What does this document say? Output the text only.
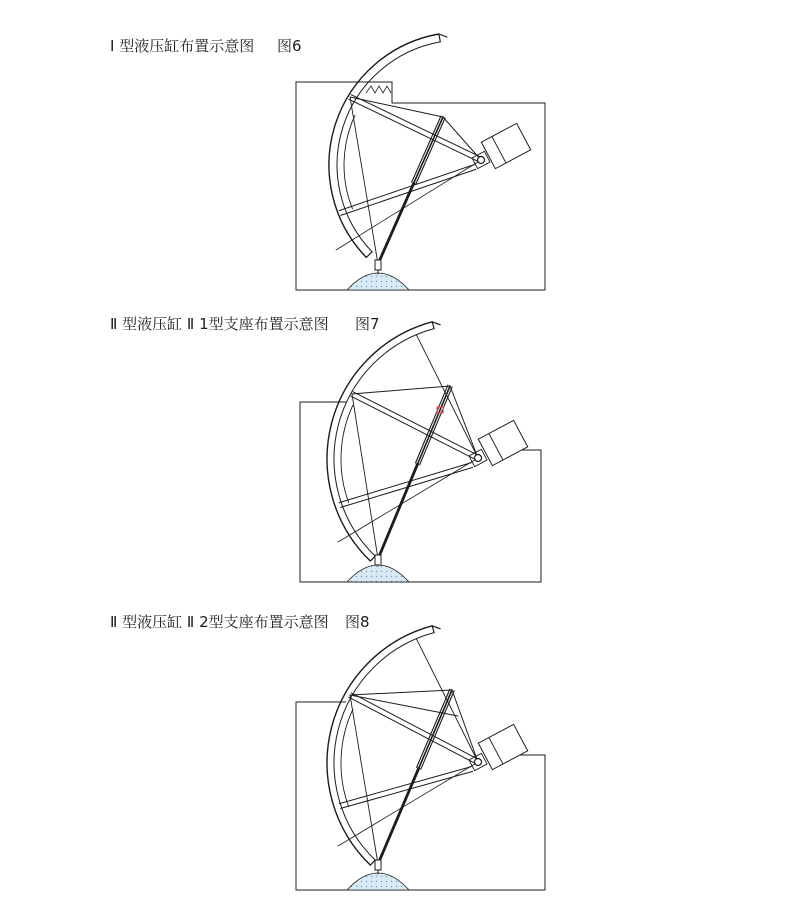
Ⅰ 型液压缸布置示意图 图6
Ⅱ 型液压缸 Ⅱ 1型支座布置示意图 图7
Ⅱ 型液压缸 Ⅱ 2型支座布置示意图 图8
